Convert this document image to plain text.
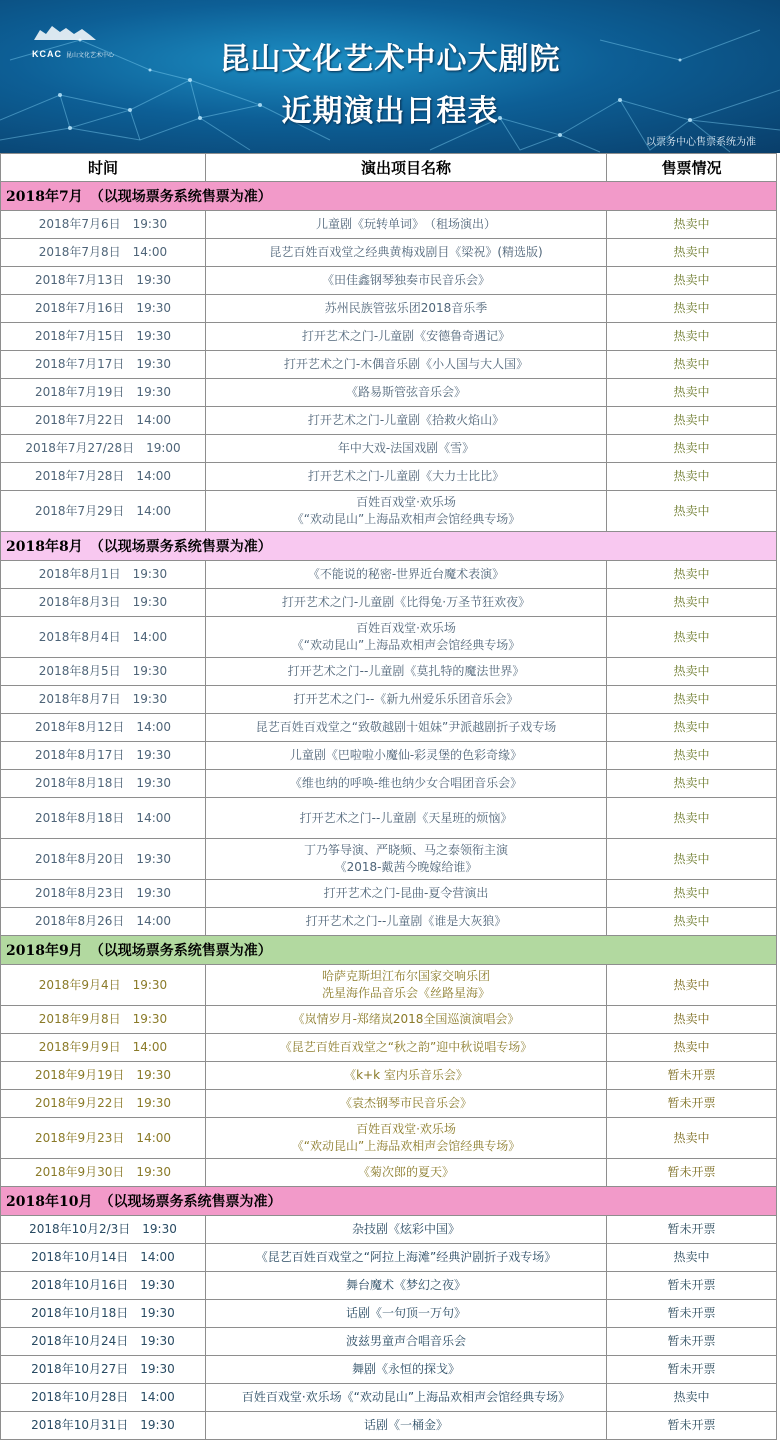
KCAC 昆山文化艺术中心	昆山文化艺术中心大剧院
近期演出日程表
以票务中心售票系统为准
时间	演出项目名称	售票情况
2018年7月　（以现场票务系统售票为准）		
2018年7月6日　19:30	儿童剧《玩转单词》　（租场演出）	热卖中
2018年7月8日　14:00	昆艺百姓百戏堂之经典黄梅戏剧目《梁祝》(精选版)	热卖中
2018年7月13日　19:30	《田佳鑫钢琴独奏市民音乐会》	热卖中
2018年7月16日　19:30	苏州民族管弦乐团2018音乐季	热卖中
2018年7月15日　19:30	打开艺术之门-儿童剧《安德鲁奇遇记》	热卖中
2018年7月17日　19:30	打开艺术之门-木偶音乐剧《小人国与大人国》	热卖中
2018年7月19日　19:30	《路易斯管弦音乐会》	热卖中
2018年7月22日　14:00	打开艺术之门-儿童剧《拾救火焰山》	热卖中
2018年7月27/28日　19:00	年中大戏-法国戏剧《雪》	热卖中
2018年7月28日　14:00	打开艺术之门-儿童剧《大力士比比》	热卖中
2018年7月29日　14:00	百姓百戏堂·欢乐场
《“欢动昆山”上海品欢相声会馆经典专场》	热卖中
2018年8月　（以现场票务系统售票为准）		
2018年8月1日　19:30	《不能说的秘密-世界近台魔术表演》	热卖中
2018年8月3日　19:30	打开艺术之门-儿童剧《比得兔·万圣节狂欢夜》	热卖中
2018年8月4日　14:00	百姓百戏堂·欢乐场
《“欢动昆山”上海品欢相声会馆经典专场》	热卖中
2018年8月5日　19:30	打开艺术之门--儿童剧《莫扎特的魔法世界》	热卖中
2018年8月7日　19:30	打开艺术之门--《新九州爱乐乐团音乐会》	热卖中
2018年8月12日　14:00	昆艺百姓百戏堂之“致敬越剧十姐妹”尹派越剧折子戏专场	热卖中
2018年8月17日　19:30	儿童剧《巴啦啦小魔仙-彩灵堡的色彩奇缘》	热卖中
2018年8月18日　19:30	《维也纳的呼唤-维也纳少女合唱团音乐会》	热卖中
2018年8月18日　14:00	打开艺术之门--儿童剧《天星班的烦恼》	热卖中
2018年8月20日　19:30	丁乃筝导演、严晓频、马之泰领衔主演
《2018-戴茜今晚嫁给谁》	热卖中
2018年8月23日　19:30	打开艺术之门-昆曲-夏令营演出	热卖中
2018年8月26日　14:00	打开艺术之门--儿童剧《谁是大灰狼》	热卖中
2018年9月　（以现场票务系统售票为准）		
2018年9月4日　19:30	哈萨克斯坦江布尔国家交响乐团
冼星海作品音乐会《丝路星海》	热卖中
2018年9月8日　19:30	《岚情岁月-郑绪岚2018全国巡演演唱会》	热卖中
2018年9月9日　14:00	《昆艺百姓百戏堂之“秋之韵”迎中秋说唱专场》	热卖中
2018年9月19日　19:30	《k+k 室内乐音乐会》	暂未开票
2018年9月22日　19:30	《袁杰钢琴市民音乐会》	暂未开票
2018年9月23日　14:00	百姓百戏堂·欢乐场
《“欢动昆山”上海品欢相声会馆经典专场》	热卖中
2018年9月30日　19:30	《菊次郎的夏天》	暂未开票
2018年10月　（以现场票务系统售票为准）		
2018年10月2/3日　19:30	杂技剧《炫彩中国》	暂未开票
2018年10月14日　14:00	《昆艺百姓百戏堂之“阿拉上海滩”经典沪剧折子戏专场》	热卖中
2018年10月16日　19:30	舞台魔术《梦幻之夜》	暂未开票
2018年10月18日　19:30	话剧《一句顶一万句》	暂未开票
2018年10月24日　19:30	波兹男童声合唱音乐会	暂未开票
2018年10月27日　19:30	舞剧《永恒的探戈》	暂未开票
2018年10月28日　14:00	百姓百戏堂·欢乐场《“欢动昆山”上海品欢相声会馆经典专场》	热卖中
2018年10月31日　19:30	话剧《一桶金》	暂未开票
